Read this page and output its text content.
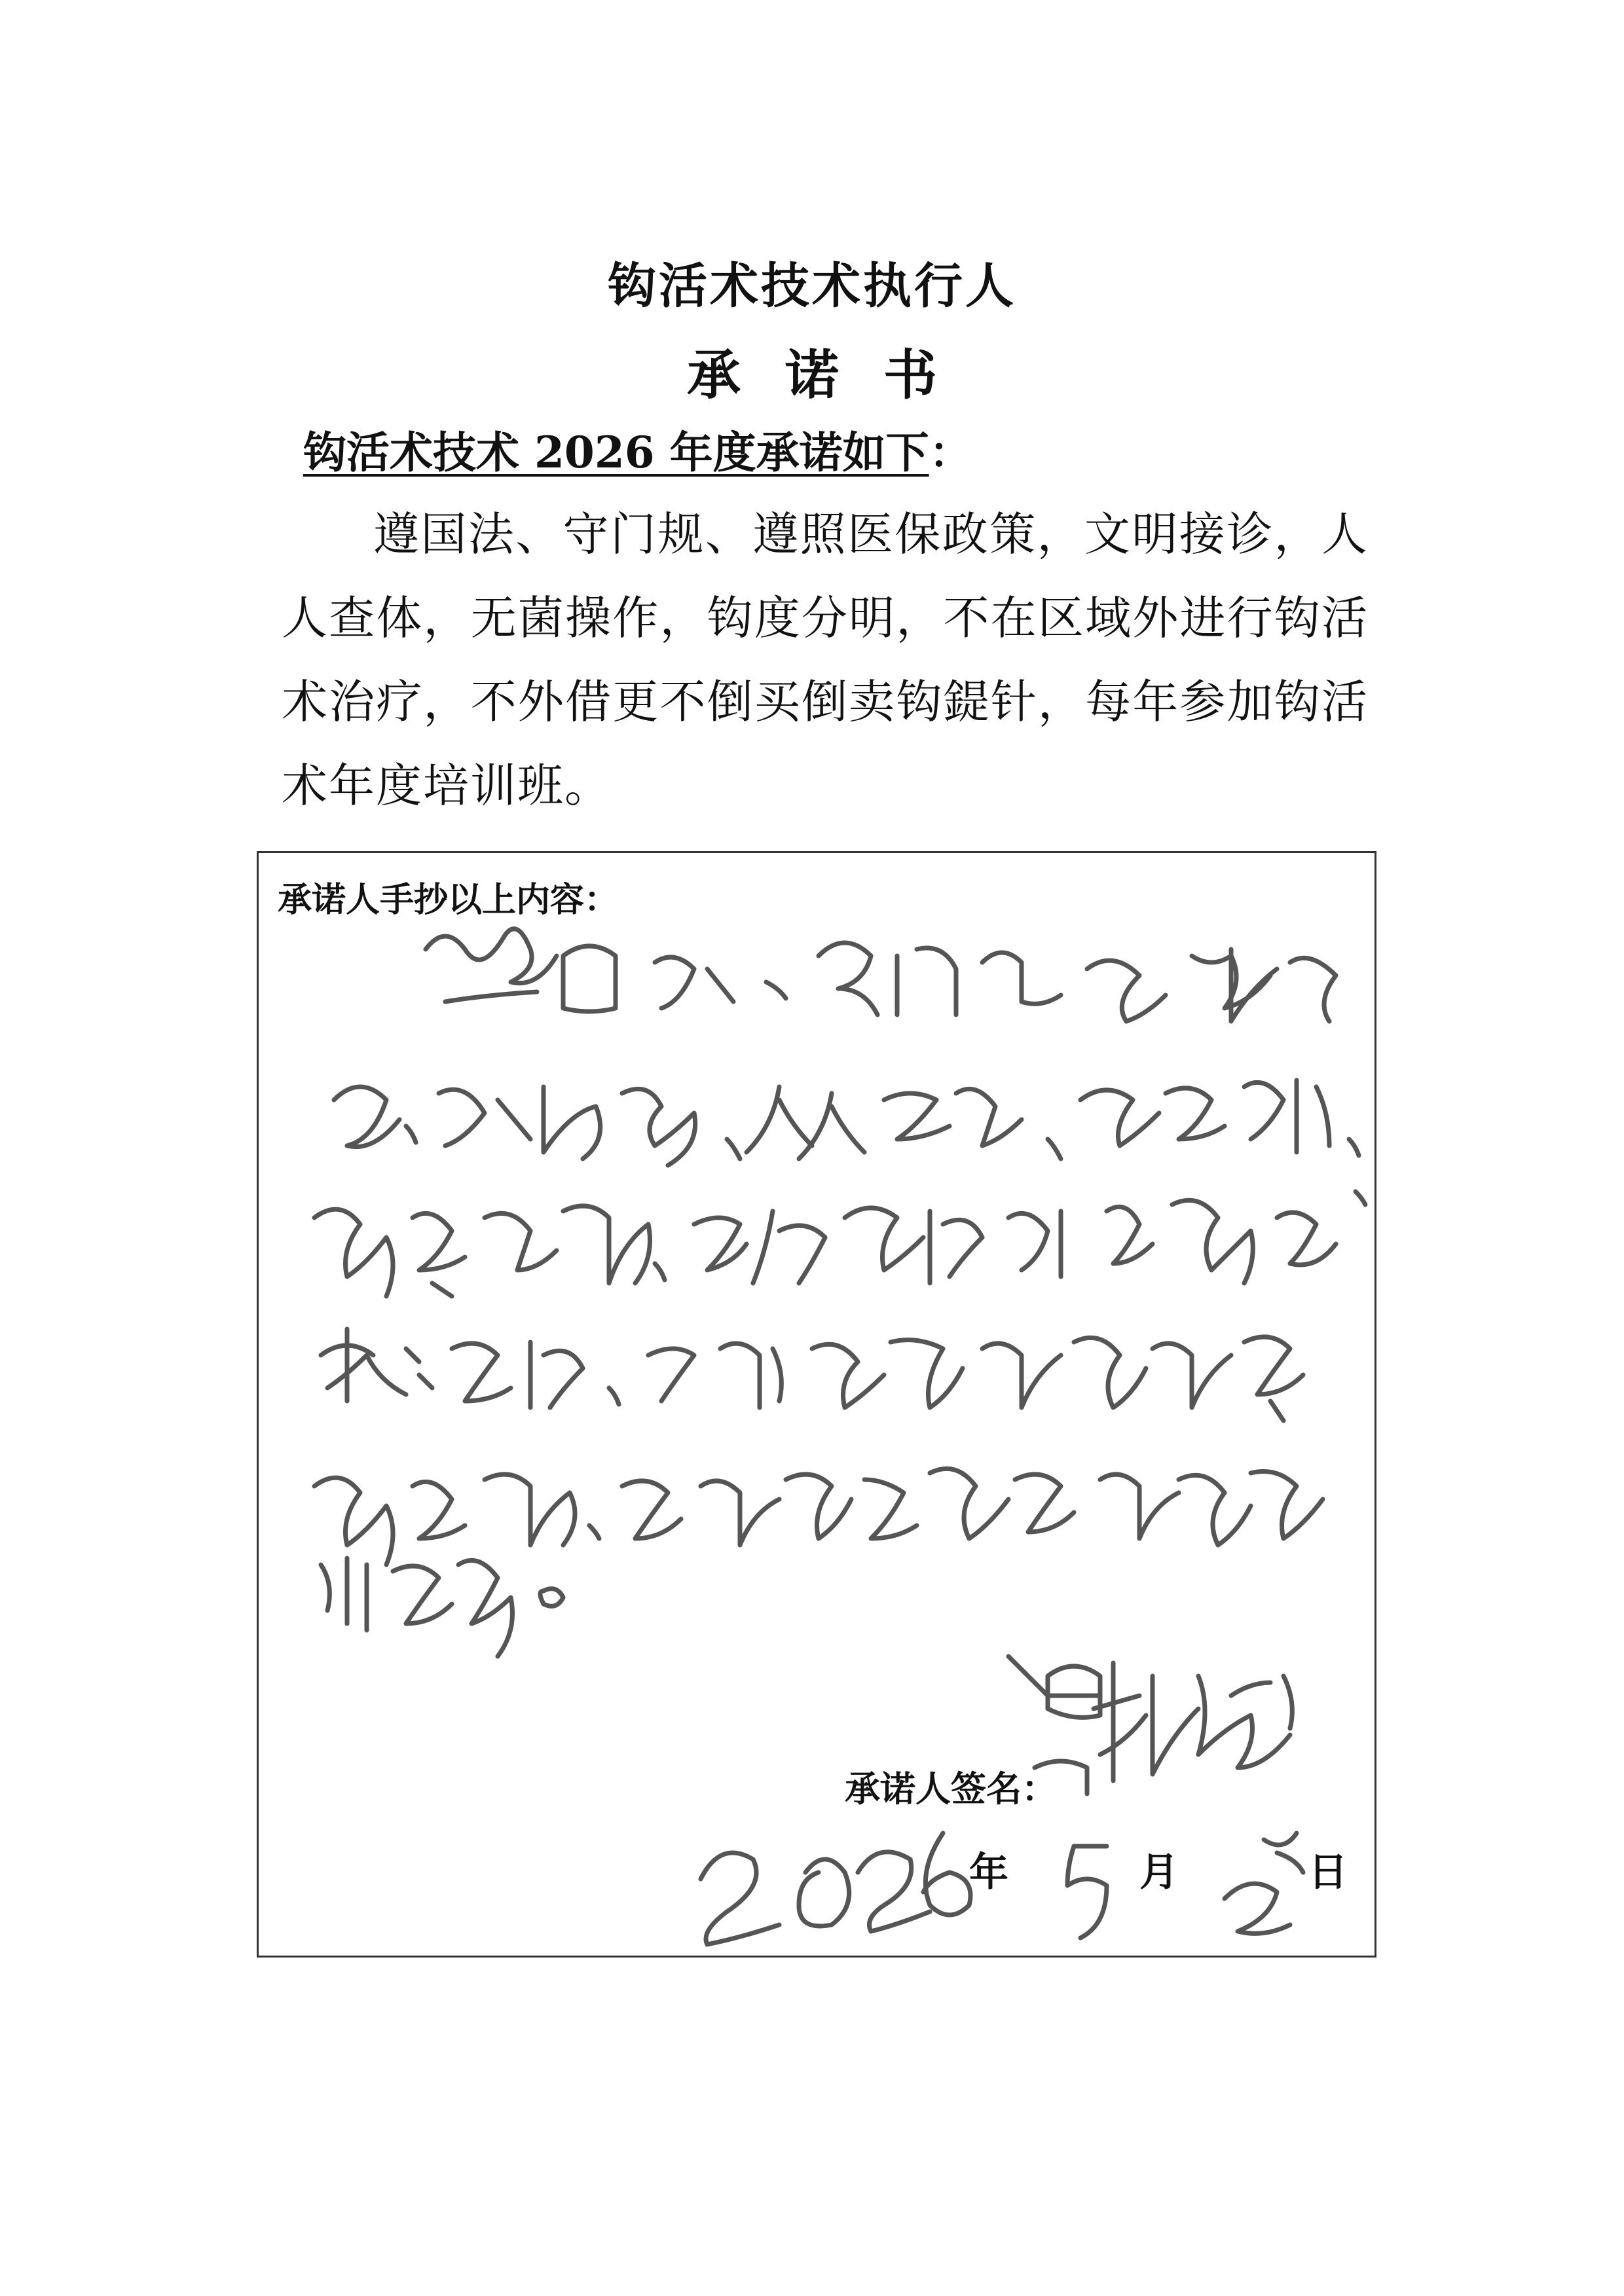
钩活术技术执行人
承诺书
钩活术技术 2026 年度承诺如下：
遵国法、守门规、遵照医保政策，文明接诊，人人查体，无菌操作，钩度分明，不在区域外进行钩活术治疗，不外借更不倒买倒卖钩鍉针，每年参加钩活术年度培训班。
承诺人手抄以上内容：
承诺人签名：
年	月	日
